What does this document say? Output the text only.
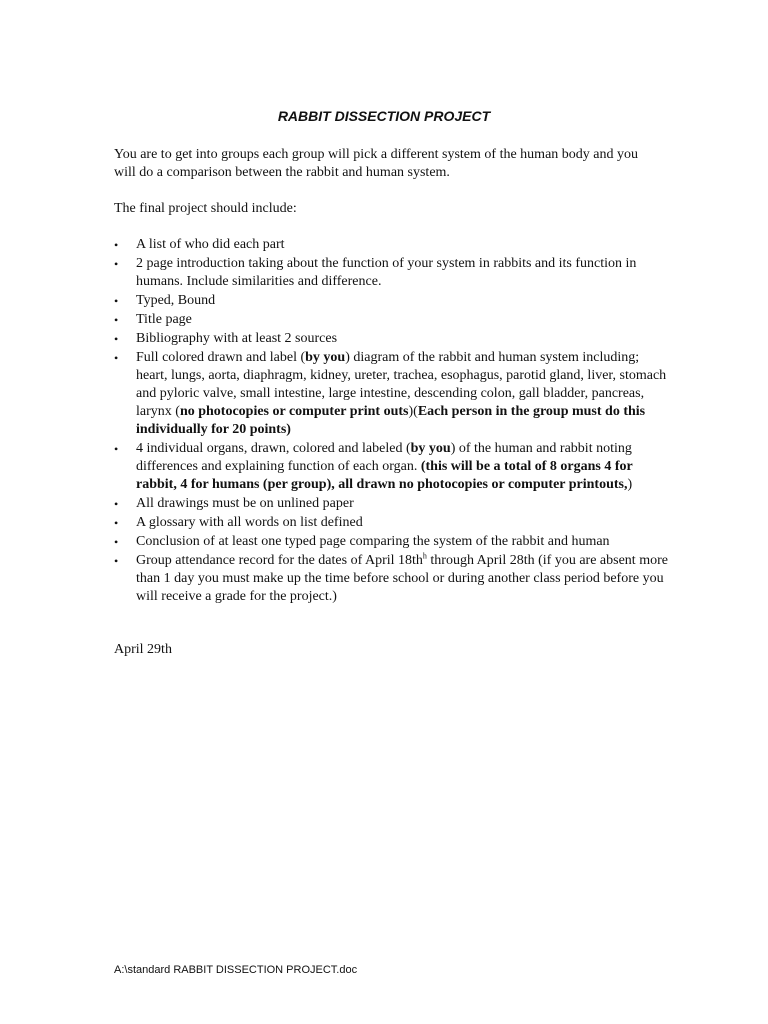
RABBIT DISSECTION PROJECT
You are to get into groups each group will pick a different system of the human body and you will do a comparison between the rabbit and human system.
The final project should include:
•	A list of who did each part
•	2 page introduction taking about the function of your system in rabbits and its function in humans. Include similarities and difference.
•	Typed, Bound
•	Title page
•	Bibliography with at least 2 sources
•	Full colored drawn and label (by you) diagram of the rabbit and human system including; heart, lungs, aorta, diaphragm, kidney, ureter, trachea, esophagus, parotid gland, liver, stomach and pyloric valve, small intestine, large intestine, descending colon, gall bladder, pancreas, larynx (no photocopies or computer print outs)(Each person in the group must do this individually for 20 points)
•	4 individual organs, drawn, colored and labeled (by you) of the human and rabbit noting differences and explaining function of each organ. (this will be a total of 8 organs 4 for rabbit, 4 for humans (per group), all drawn no photocopies or computer printouts,)
•	All drawings must be on unlined paper
•	A glossary with all words on list defined
•	Conclusion of at least one typed page comparing the system of the rabbit and human
•	Group attendance record for the dates of April $18th^h$ through April 28th (if you are absent more than 1 day you must make up the time before school or during another class period before you will receive a grade for the project.)
April 29th
A:\standard RABBIT DISSECTION PROJECT.doc
